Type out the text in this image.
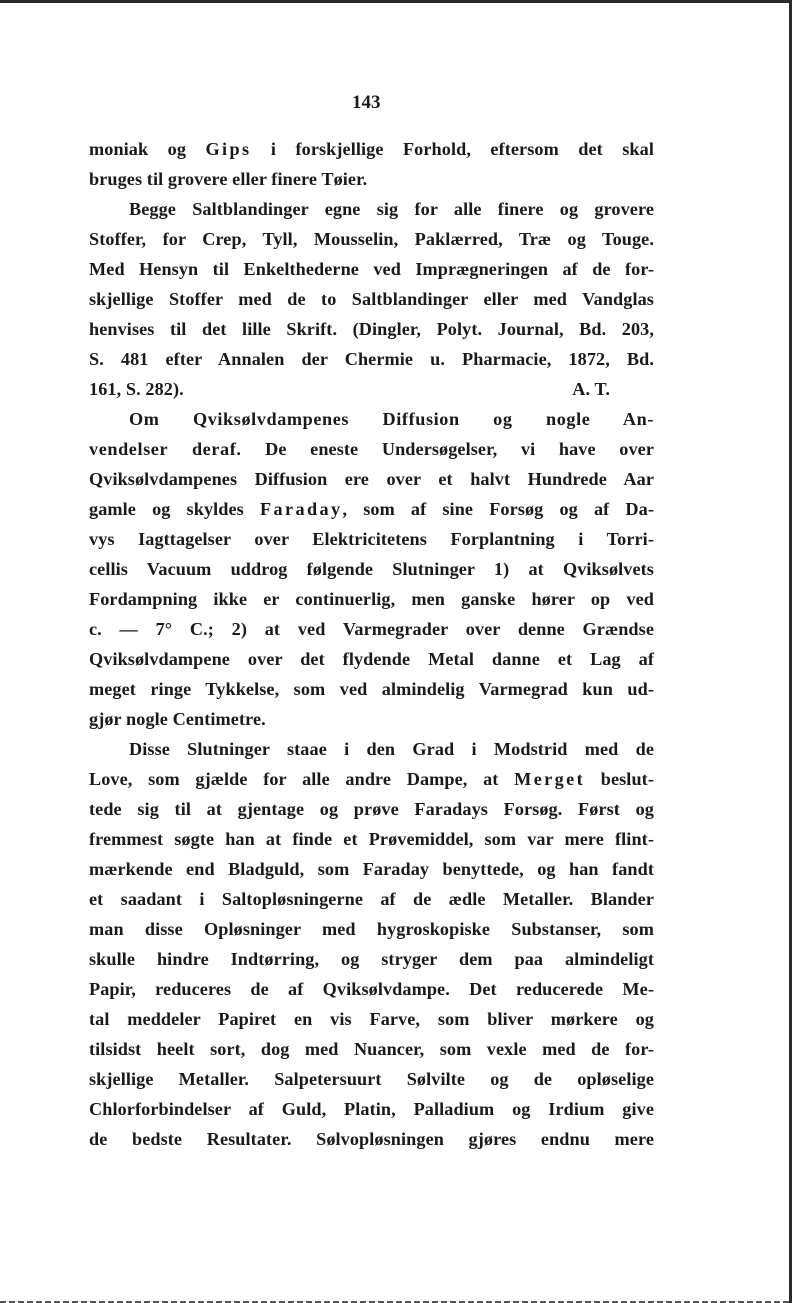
143
moniak og Gips i forskjellige Forhold, eftersom det skal
bruges til grovere eller finere Tøier.
Begge Saltblandinger egne sig for alle finere og grovere
Stoffer, for Crep, Tyll, Mousselin, Paklærred, Træ og Touge.
Med Hensyn til Enkelthederne ved Imprægneringen af de for-
skjellige Stoffer med de to Saltblandinger eller med Vandglas
henvises til det lille Skrift. (Dingler, Polyt. Journal, Bd. 203,
S. 481 efter Annalen der Chermie u. Pharmacie, 1872, Bd.
161, S. 282).	A. T.
Om Qviksølvdampenes Diffusion og nogle An-
vendelser deraf. De eneste Undersøgelser, vi have over
Qviksølvdampenes Diffusion ere over et halvt Hundrede Aar
gamle og skyldes Faraday, som af sine Forsøg og af Da-
vys Iagttagelser over Elektricitetens Forplantning i Torri-
cellis Vacuum uddrog følgende Slutninger 1) at Qviksølvets
Fordampning ikke er continuerlig, men ganske hører op ved
c. — 7° C.; 2) at ved Varmegrader over denne Grændse
Qviksølvdampene over det flydende Metal danne et Lag af
meget ringe Tykkelse, som ved almindelig Varmegrad kun ud-
gjør nogle Centimetre.
Disse Slutninger staae i den Grad i Modstrid med de
Love, som gjælde for alle andre Dampe, at Merget beslut-
tede sig til at gjentage og prøve Faradays Forsøg. Først og
fremmest søgte han at finde et Prøvemiddel, som var mere flint-
mærkende end Bladguld, som Faraday benyttede, og han fandt
et saadant i Saltopløsningerne af de ædle Metaller. Blander
man disse Opløsninger med hygroskopiske Substanser, som
skulle hindre Indtørring, og stryger dem paa almindeligt
Papir, reduceres de af Qviksølvdampe. Det reducerede Me-
tal meddeler Papiret en vis Farve, som bliver mørkere og
tilsidst heelt sort, dog med Nuancer, som vexle med de for-
skjellige Metaller. Salpetersuurt Sølvilte og de opløselige
Chlorforbindelser af Guld, Platin, Palladium og Irdium give
de bedste Resultater. Sølvopløsningen gjøres endnu mere
